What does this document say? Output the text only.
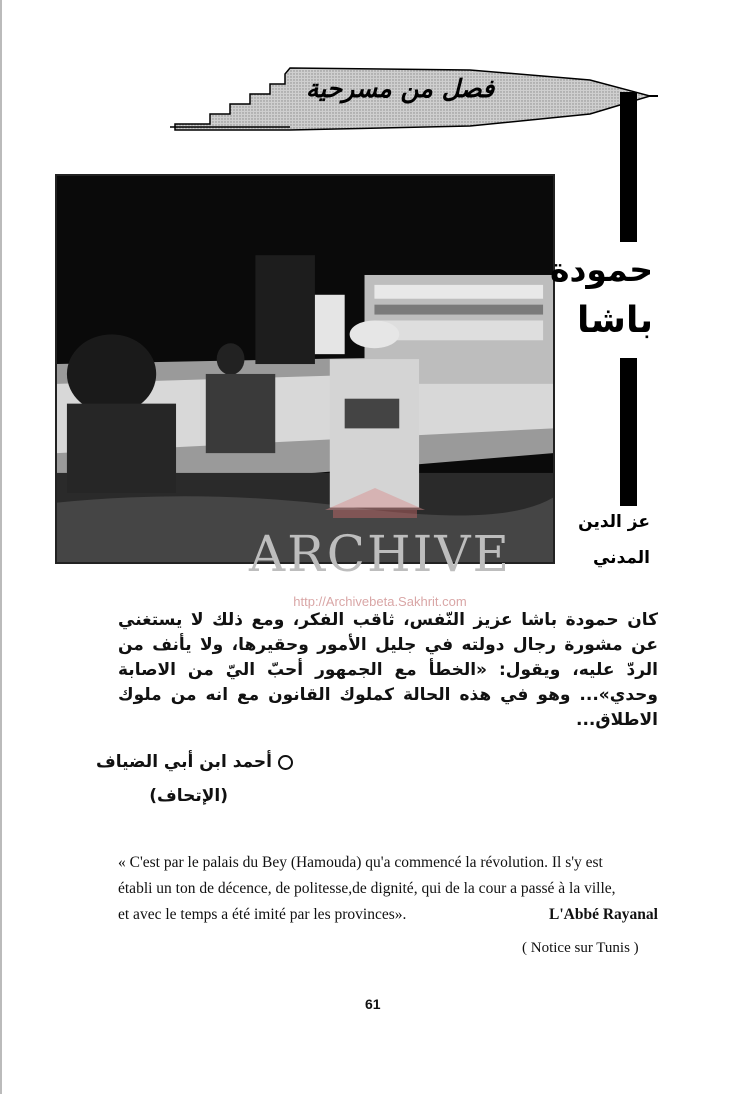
فصل من مسرحية
حمودة
باشا
عز الدين
المدني
ARCHIVE
http://Archivebeta.Sakhrit.com
كان حمودة باشا عزيز النّفس، ثاقب الفكر، ومع ذلك لا يستغني عن مشورة رجال دولته في جليل الأمور وحقيرها، ولا يأنف من الردّ عليه، ويقول: «الخطأ مع الجمهور أحبّ اليّ من الاصابة وحدي»... وهو في هذه الحالة كملوك القانون مع انه من ملوك الاطلاق...
أحمد ابن أبي الضياف
(الإتحاف)
« C'est par le palais du Bey (Hamouda) qu'a commencé la révolution. Il s'y est
établi un ton de décence, de politesse,de dignité, qui de la cour a passé à la ville,
et avec le temps a été imité par les provinces».	L'Abbé Rayanal
( Notice sur Tunis )
61
